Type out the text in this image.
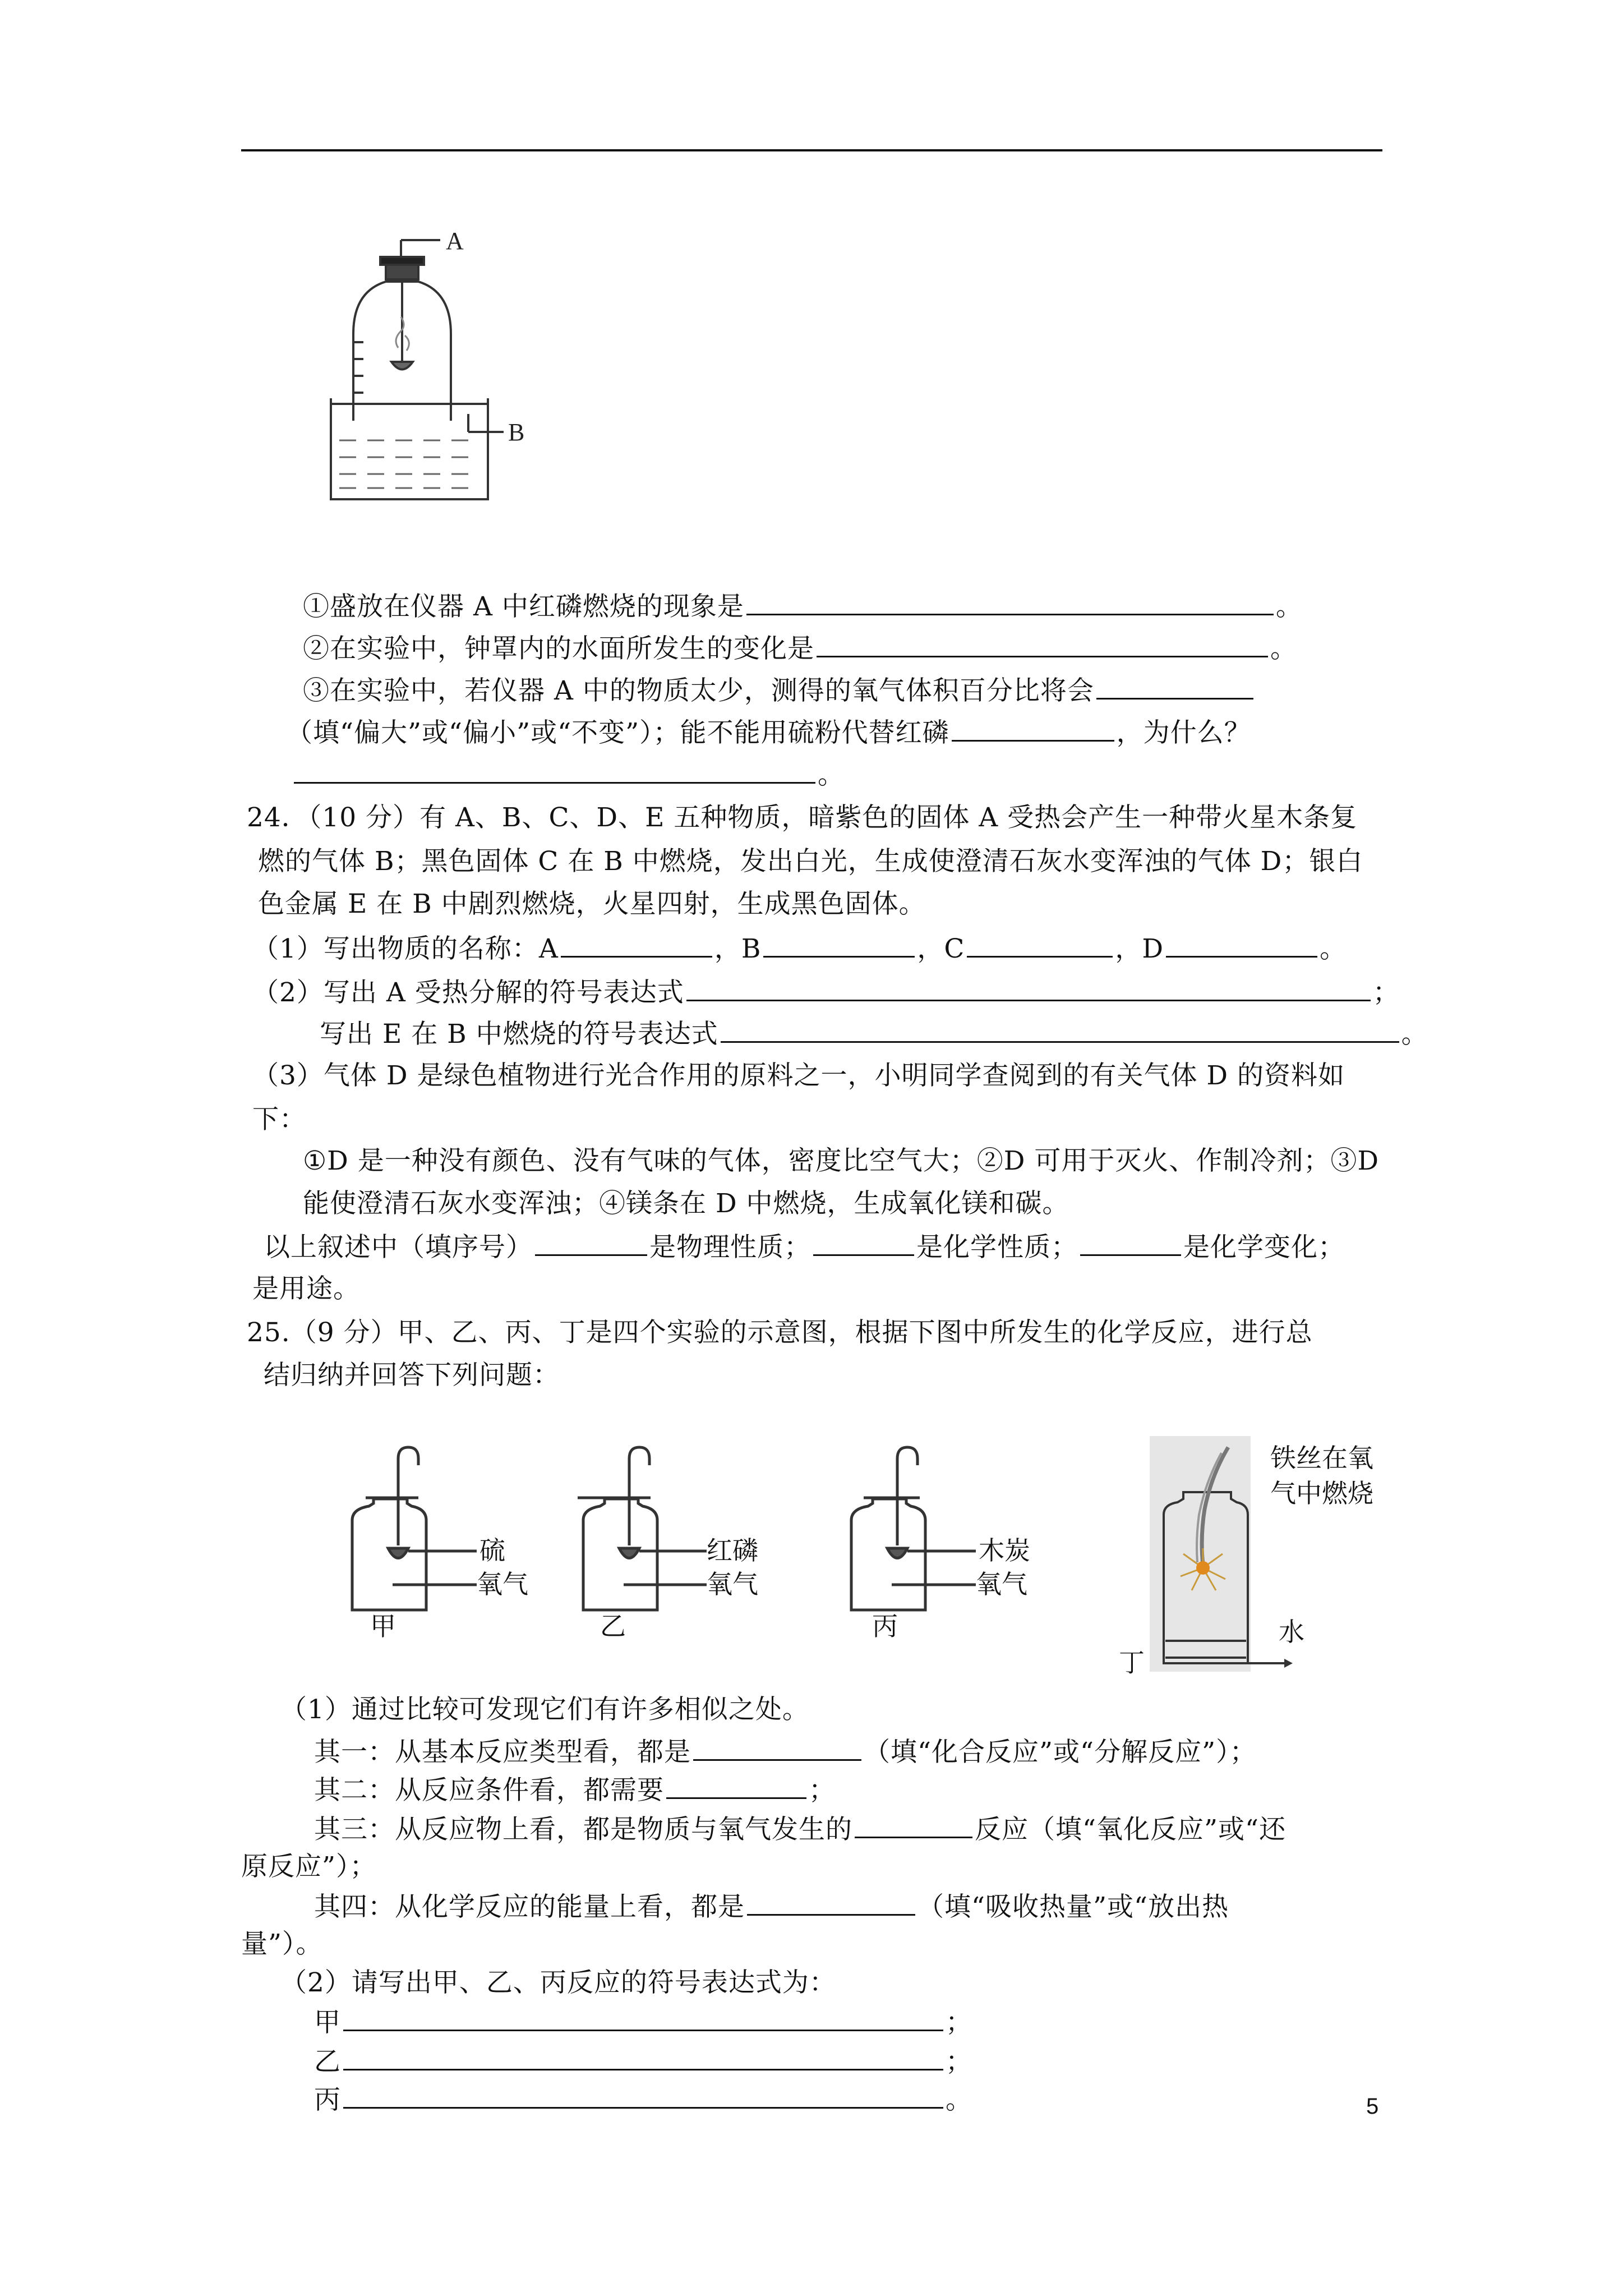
A
B
①盛放在仪器 A 中红磷燃烧的现象是	。
②在实验中，钟罩内的水面所发生的变化是	。
③在实验中，若仪器 A 中的物质太少，测得的氧气体积百分比将会
（填“偏大”或“偏小”或“不变”）；能不能用硫粉代替红磷	，为什么？
。
24．（10 分）有 A、B、C、D、E 五种物质，暗紫色的固体 A 受热会产生一种带火星木条复
燃的气体 B；黑色固体 C 在 B 中燃烧，发出白光，生成使澄清石灰水变浑浊的气体 D；银白
色金属 E 在 B 中剧烈燃烧，火星四射，生成黑色固体。
（1）写出物质的名称：A	，B	，C	，D	。
（2）写出 A 受热分解的符号表达式	；
写出 E 在 B 中燃烧的符号表达式	。
（3）气体 D 是绿色植物进行光合作用的原料之一，小明同学查阅到的有关气体 D 的资料如
下：
①D 是一种没有颜色、没有气味的气体，密度比空气大；②D 可用于灭火、作制冷剂；③D
能使澄清石灰水变浑浊；④镁条在 D 中燃烧，生成氧化镁和碳。
以上叙述中（填序号）	是物理性质；	是化学性质；	是化学变化；
是用途。
25.（9 分）甲、乙、丙、丁是四个实验的示意图，根据下图中所发生的化学反应，进行总
结归纳并回答下列问题：
硫
氧气
甲
红磷
氧气
乙
木炭
氧气
丙
铁丝在氧
气中燃烧
水
丁
（1）通过比较可发现它们有许多相似之处。
其一：从基本反应类型看，都是	（填“化合反应”或“分解反应”）；
其二：从反应条件看，都需要	；
其三：从反应物上看，都是物质与氧气发生的	反应（填“氧化反应”或“还
原反应”）；
其四：从化学反应的能量上看，都是	（填“吸收热量”或“放出热
量”）。
（2）请写出甲、乙、丙反应的符号表达式为：
甲	；
乙	；
丙	。	5
